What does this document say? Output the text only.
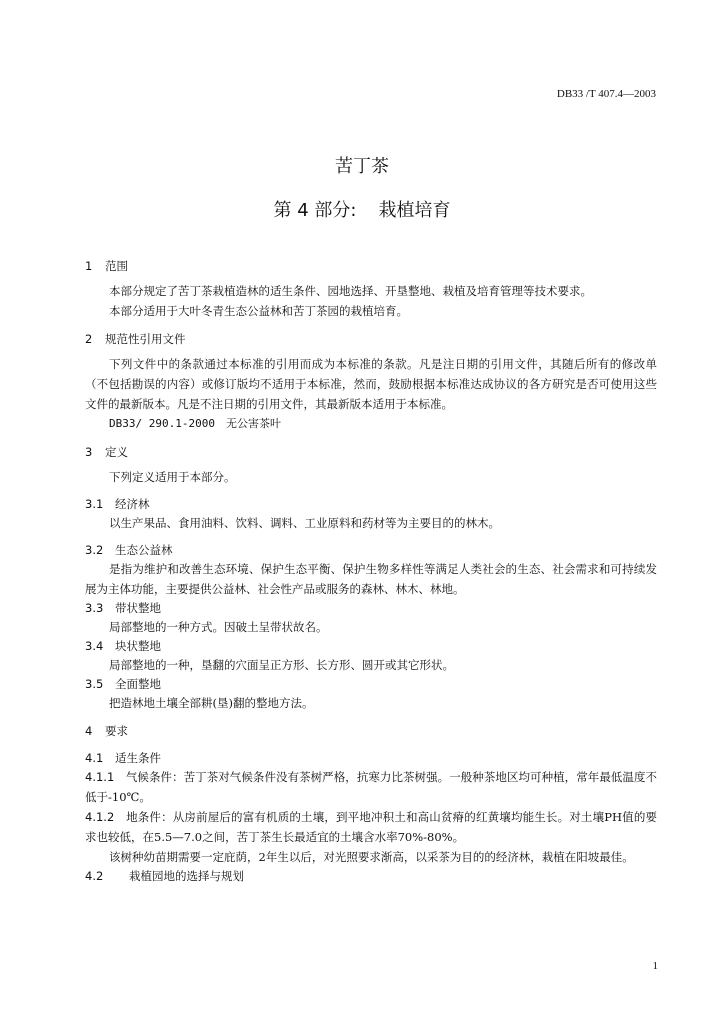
DB33 /T 407.4—2003
苦丁茶
第 4 部分: 栽植培育
1 范围

本部分规定了苦丁茶栽植造林的适生条件、园地选择、开垦整地、栽植及培育管理等技术要求。

本部分适用于大叶冬青生态公益林和苦丁茶园的栽植培育。

2 规范性引用文件

下列文件中的条款通过本标准的引用而成为本标准的条款。凡是注日期的引用文件，其随后所有的修改单（不包括勘误的内容）或修订版均不适用于本标准，然而，鼓励根据本标准达成协议的各方研究是否可使用这些文件的最新版本。凡是不注日期的引用文件，其最新版本适用于本标准。

DB33/ 290.1-2000　无公害茶叶

3 定义

下列定义适用于本部分。

3.1 经济林

以生产果品、食用油料、饮料、调料、工业原料和药材等为主要目的的林木。

3.2 生态公益林

是指为维护和改善生态环境、保护生态平衡、保护生物多样性等满足人类社会的生态、社会需求和可持续发展为主体功能，主要提供公益林、社会性产品或服务的森林、林木、林地。

3.3 带状整地

局部整地的一种方式。因破土呈带状故名。

3.4 块状整地

局部整地的一种，垦翻的穴面呈正方形、长方形、圆开或其它形状。

3.5 全面整地

把造林地土壤全部耕(垦)翻的整地方法。

4 要求
4.1 适生条件

4.1.1　 气候条件：苦丁茶对气候条件没有茶树严格，抗寒力比茶树强。一般种茶地区均可种植，常年最低温度不低于-10℃。

4.1.2　 地条件：从房前屋后的富有机质的土壤，到平地冲积土和高山贫瘠的红黄壤均能生长。对土壤PH值的要求也较低，在5.5—7.0之间，苦丁茶生长最适宜的土壤含水率70%-80%。

该树种幼苗期需要一定庇荫，2年生以后，对光照要求渐高，以采茶为目的的经济林，栽植在阳坡最佳。

4.2 栽植园地的选择与规划
1
